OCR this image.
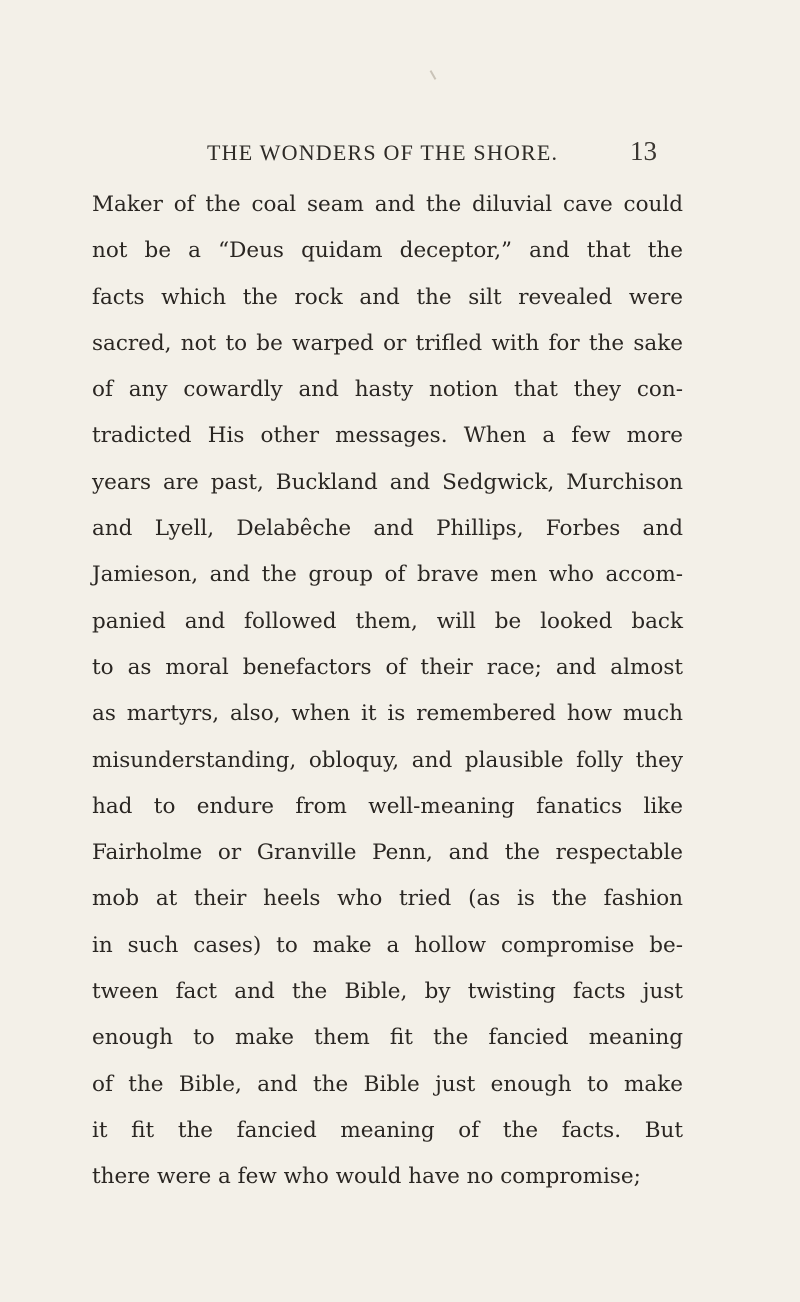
THE WONDERS OF THE SHORE.	13
Maker of the coal seam and the diluvial cave could
not be a “Deus quidam deceptor,” and that the
facts which the rock and the silt revealed were
sacred, not to be warped or trifled with for the sake
of any cowardly and hasty notion that they con-
tradicted His other messages. When a few more
years are past, Buckland and Sedgwick, Murchison
and Lyell, Delabêche and Phillips, Forbes and
Jamieson, and the group of brave men who accom-
panied and followed them, will be looked back
to as moral benefactors of their race; and almost
as martyrs, also, when it is remembered how much
misunderstanding, obloquy, and plausible folly they
had to endure from well-meaning fanatics like
Fairholme or Granville Penn, and the respectable
mob at their heels who tried (as is the fashion
in such cases) to make a hollow compromise be-
tween fact and the Bible, by twisting facts just
enough to make them fit the fancied meaning
of the Bible, and the Bible just enough to make
it fit the fancied meaning of the facts. But
there were a few who would have no compromise;
